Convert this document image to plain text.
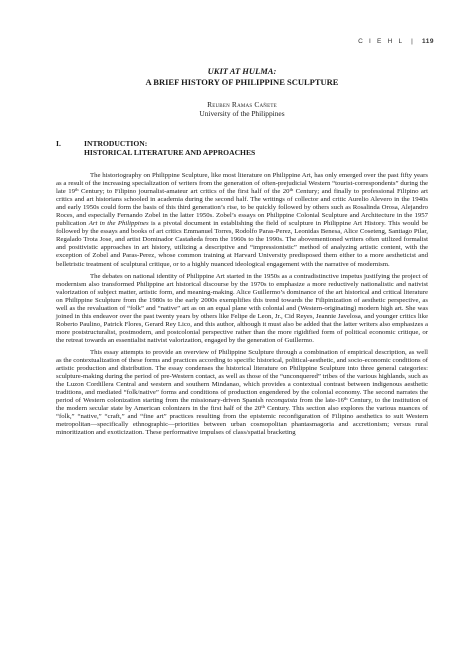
C I E H L | 119
UKIT AT HULMA:
A BRIEF HISTORY OF PHILIPPINE SCULPTURE
Reuben Ramas Cañete
University of the Philippines
I.	INTRODUCTION:
HISTORICAL LITERATURE AND APPROACHES

The historiography on Philippine Sculpture, like most literature on Philippine Art, has only emerged over the past fifty years as a result of the increasing specialization of writers from the generation of often-prejudicial Western “tourist-correspondents” during the late 19th Century; to Filipino journalist-amateur art critics of the first half of the 20th Century; and finally to professional Filipino art critics and art historians schooled in academia during the second half. The writings of collector and critic Aurelio Alevero in the 1940s and early 1950s could form the basis of this third generation’s rise, to be quickly followed by others such as Rosalinda Orosa, Alejandro Roces, and especially Fernando Zobel in the latter 1950s. Zobel’s essays on Philippine Colonial Sculpture and Architecture in the 1957 publication Art in the Philippines is a pivotal document in establishing the field of sculpture in Philippine Art History. This would be followed by the essays and books of art critics Emmanuel Torres, Rodolfo Paras-Perez, Leonidas Benesa, Alice Coseteng, Santiago Pilar, Regalado Trota Jose, and artist Dominador Castañeda from the 1960s to the 1990s. The abovementioned writers often utilized formalist and positivistic approaches in art history, utilizing a descriptive and “impressionistic” method of analyzing artistic content, with the exception of Zobel and Paras-Perez, whose common training at Harvard University predisposed them either to a more aestheticist and belletristic treatment of sculptural critique, or to a highly nuanced ideological engagement with the narrative of modernism.

The debates on national identity of Philippine Art started in the 1950s as a contradistinctive impetus justifying the project of modernism also transformed Philippine art historical discourse by the 1970s to emphasize a more reductively nationalistic and nativist valorization of subject matter, artistic form, and meaning-making. Alice Guillermo’s dominance of the art historical and critical literature on Philippine Sculpture from the 1980s to the early 2000s exemplifies this trend towards the Filipinization of aesthetic perspective, as well as the revaluation of “folk” and “native” art as on an equal plane with colonial and (Western-originating) modern high art. She was joined in this endeavor over the past twenty years by others like Felipe de Leon, Jr., Cid Reyes, Jeannie Javelosa, and younger critics like Roberto Paulino, Patrick Flores, Gerard Rey Lico, and this author, although it must also be added that the latter writers also emphasizes a more poststructuralist, postmodern, and postcolonial perspective rather than the more rigidified form of political economic critique, or the retreat towards an essentialist nativist valorization, engaged by the generation of Guillermo.

This essay attempts to provide an overview of Philippine Sculpture through a combination of empirical description, as well as the contextualization of these forms and practices according to specific historical, political-aesthetic, and socio-economic conditions of artistic production and distribution. The essay condenses the historical literature on Philippine Sculpture into three general categories: sculpture-making during the period of pre-Western contact, as well as those of the “unconquered” tribes of the various highlands, such as the Luzon Cordillera Central and western and southern Mindanao, which provides a contextual contrast between indigenous aesthetic traditions, and mediated “folk/native” forms and conditions of production engendered by the colonial economy. The second narrates the period of Western colonization starting from the missionary-driven Spanish reconquista from the late-16th Century, to the institution of the modern secular state by American colonizers in the first half of the 20th Century. This section also explores the various nuances of “folk,” “native,” “craft,” and “fine art” practices resulting from the epistemic reconfiguration of Filipino aesthetics to suit Western metropolitan—specifically ethnographic—priorities between urban cosmopolitan phantasmagoria and accretionism; versus rural minoritization and exoticization. These performative impulses of class/spatial bracketing
